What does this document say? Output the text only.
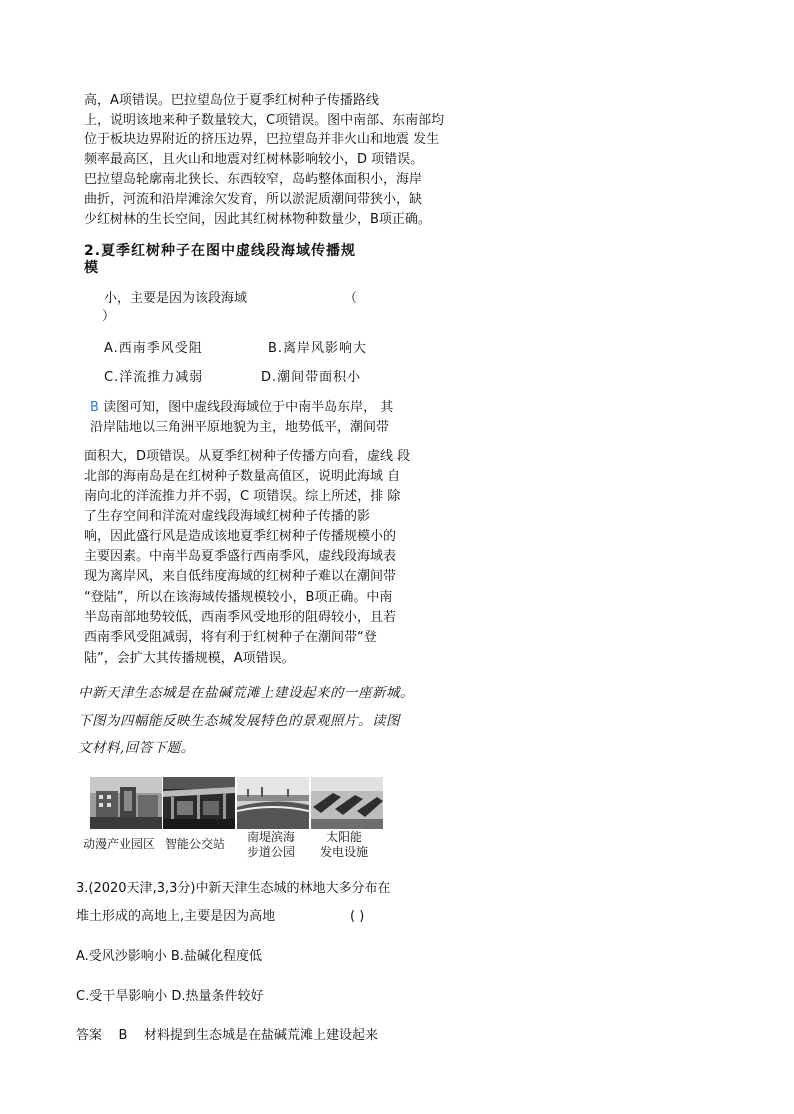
高，A项错误。巴拉望岛位于夏季红树种子传播路线
上，说明该地来种子数量较大，C项错误。图中南部、东南部均
位于板块边界附近的挤压边界，巴拉望岛并非火山和地震 发生
频率最高区，且火山和地震对红树林影响较小，D 项错误。
巴拉望岛轮廓南北狭长、东西较窄，岛屿整体面积小，海岸
曲折，河流和沿岸滩涂欠发育，所以淤泥质潮间带狭小，缺
少红树林的生长空间，因此其红树林物种数量少，B项正确。
2.夏季红树种子在图中虚线段海域传播规
模
小，主要是因为该段海域	（
）
A.西南季风受阻	B.离岸风影响大
C.洋流推力减弱	D.潮间带面积小
B 读图可知，图中虚线段海域位于中南半岛东岸， 其
沿岸陆地以三角洲平原地貌为主，地势低平，潮间带
面积大，D项错误。从夏季红树种子传播方向看，虚线 段
北部的海南岛是在红树种子数量高值区，说明此海域 自
南向北的洋流推力并不弱，C 项错误。综上所述，排 除
了生存空间和洋流对虚线段海域红树种子传播的影
响，因此盛行风是造成该地夏季红树种子传播规模小的
主要因素。中南半岛夏季盛行西南季风，虚线段海域表
现为离岸风，来自低纬度海域的红树种子难以在潮间带
“登陆”，所以在该海域传播规模较小，B项正确。中南
半岛南部地势较低，西南季风受地形的阻碍较小，且若
西南季风受阻减弱，将有利于红树种子在潮间带“登
陆”，会扩大其传播规模，A项错误。
中新天津生态城是在盐碱荒滩上建设起来的一座新城。
下图为四幅能反映生态城发展特色的景观照片。读图
文材料,回答下题。
动漫产业园区 智能公交站 南堤滨海
步道公园
太阳能
发电设施
3.(2020天津,3,3分)中新天津生态城的林地大多分布在
堆土形成的高地上,主要是因为高地	( )
A.受风沙影响小 B.盐碱化程度低
C.受干旱影响小 D.热量条件较好
答案 B 材料提到生态城是在盐碱荒滩上建设起来
